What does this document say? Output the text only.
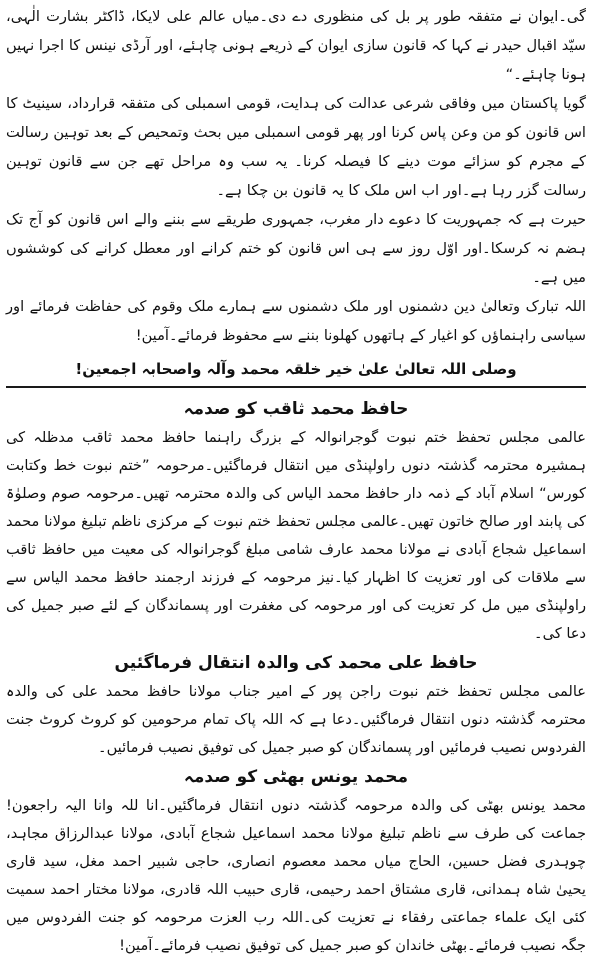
گی۔ایوان نے متفقہ طور پر بل کی منظوری دے دی۔میاں عالم علی لایکا، ڈاکٹر بشارت الٰہی، سیّد اقبال حیدر نے کہا کہ قانون سازی ایوان کے ذریعے ہونی چاہئے، اور آرڈی نینس کا اجرا نہیں ہونا چاہئے۔“

گویا پاکستان میں وفاقی شرعی عدالت کی ہدایت، قومی اسمبلی کی متفقہ قرارداد، سینیٹ کا اس قانون کو من وعن پاس کرنا اور پھر قومی اسمبلی میں بحث وتمحیص کے بعد توہین رسالت کے مجرم کو سزائے موت دینے کا فیصلہ کرنا۔ یہ سب وہ مراحل تھے جن سے قانون توہین رسالت گزر رہا ہے۔اور اب اس ملک کا یہ قانون بن چکا ہے۔

حیرت ہے کہ جمہوریت کا دعوے دار مغرب، جمہوری طریقے سے بننے والے اس قانون کو آج تک ہضم نہ کرسکا۔اور اوّل روز سے ہی اس قانون کو ختم کرانے اور معطل کرانے کی کوششوں میں ہے۔

اللہ تبارک وتعالیٰ دین دشمنوں اور ملک دشمنوں سے ہمارے ملک وقوم کی حفاظت فرمائے اور سیاسی راہنماؤں کو اغیار کے ہاتھوں کھلونا بننے سے محفوظ فرمائے۔آمین!

وصلی اللہ تعالیٰ علیٰ خیر خلقہ محمد وآلہ واصحابہ اجمعین!

حافظ محمد ثاقب کو صدمہ

عالمی مجلس تحفظ ختم نبوت گوجرانوالہ کے بزرگ راہنما حافظ محمد ثاقب مدظلہ کی ہمشیرہ محترمہ گذشتہ دنوں راولپنڈی میں انتقال فرماگئیں۔مرحومہ ”ختم نبوت خط وکتابت کورس“ اسلام آباد کے ذمہ دار حافظ محمد الیاس کی والدہ محترمہ تھیں۔مرحومہ صوم وصلوٰۃ کی پابند اور صالح خاتون تھیں۔عالمی مجلس تحفظ ختم نبوت کے مرکزی ناظم تبلیغ مولانا محمد اسماعیل شجاع آبادی نے مولانا محمد عارف شامی مبلغ گوجرانوالہ کی معیت میں حافظ ثاقب سے ملاقات کی اور تعزیت کا اظہار کیا۔نیز مرحومہ کے فرزند ارجمند حافظ محمد الیاس سے راولپنڈی میں مل کر تعزیت کی اور مرحومہ کی مغفرت اور پسماندگان کے لئے صبر جمیل کی دعا کی۔

حافظ علی محمد کی والدہ انتقال فرماگئیں

عالمی مجلس تحفظ ختم نبوت راجن پور کے امیر جناب مولانا حافظ محمد علی کی والدہ محترمہ گذشتہ دنوں انتقال فرماگئیں۔دعا ہے کہ اللہ پاک تمام مرحومین کو کروٹ کروٹ جنت الفردوس نصیب فرمائیں اور پسماندگان کو صبر جمیل کی توفیق نصیب فرمائیں۔

محمد یونس بھٹی کو صدمہ

محمد یونس بھٹی کی والدہ مرحومہ گذشتہ دنوں انتقال فرماگئیں۔انا للہ وانا الیہ راجعون!جماعت کی طرف سے ناظم تبلیغ مولانا محمد اسماعیل شجاع آبادی، مولانا عبدالرزاق مجاہد، چوہدری فضل حسین، الحاج میاں محمد معصوم انصاری، حاجی شبیر احمد مغل، سید قاری یحییٰ شاہ ہمدانی، قاری مشتاق احمد رحیمی، قاری حبیب اللہ قادری، مولانا مختار احمد سمیت کئی ایک علماء جماعتی رفقاء نے تعزیت کی۔اللہ رب العزت مرحومہ کو جنت الفردوس میں جگہ نصیب فرمائے۔بھٹی خاندان کو صبر جمیل کی توفیق نصیب فرمائے۔آمین!
